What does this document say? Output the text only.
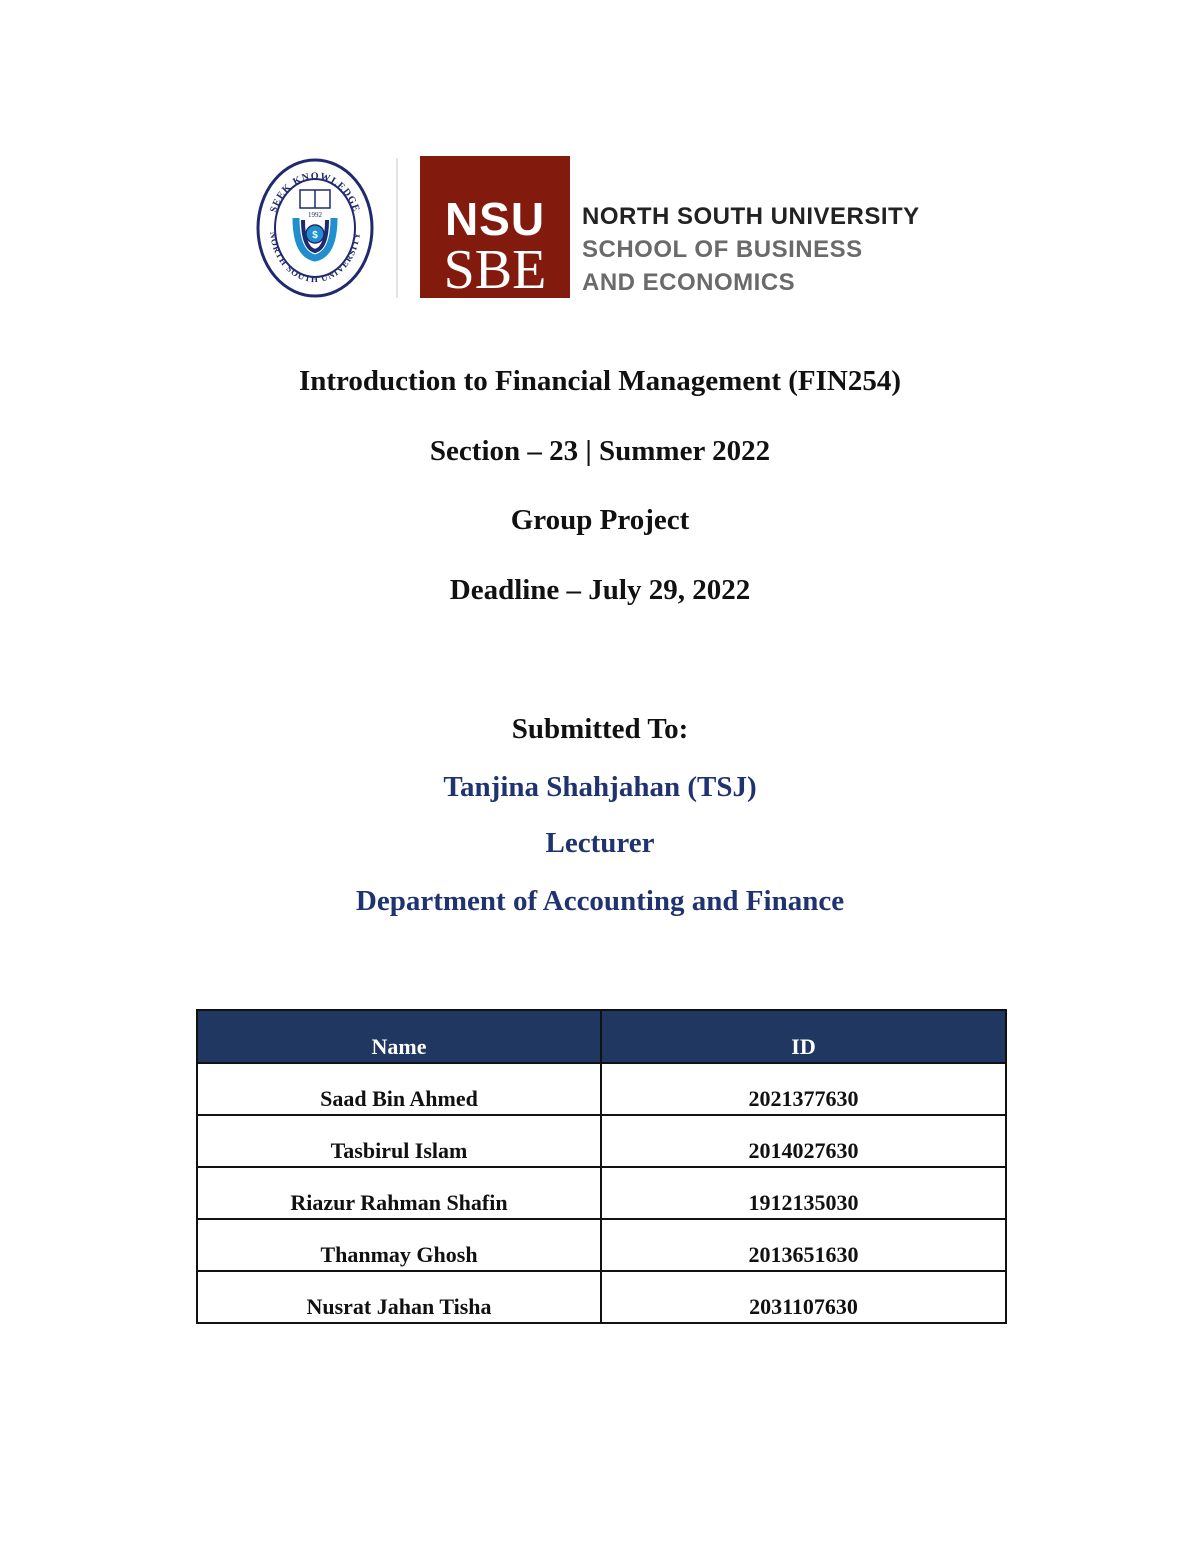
SEEK KNOWLEDGE
NORTH SOUTH UNIVERSITY
1992
$	NSU
SBE
NORTH SOUTH UNIVERSITY
SCHOOL OF BUSINESS
AND ECONOMICS
Introduction to Financial Management (FIN254)
Section – 23 | Summer 2022
Group Project
Deadline – July 29, 2022
Submitted To:
Tanjina Shahjahan (TSJ)
Lecturer
Department of Accounting and Finance
Name	ID
Saad Bin Ahmed	2021377630
Tasbirul Islam	2014027630
Riazur Rahman Shafin	1912135030
Thanmay Ghosh	2013651630
Nusrat Jahan Tisha	2031107630
